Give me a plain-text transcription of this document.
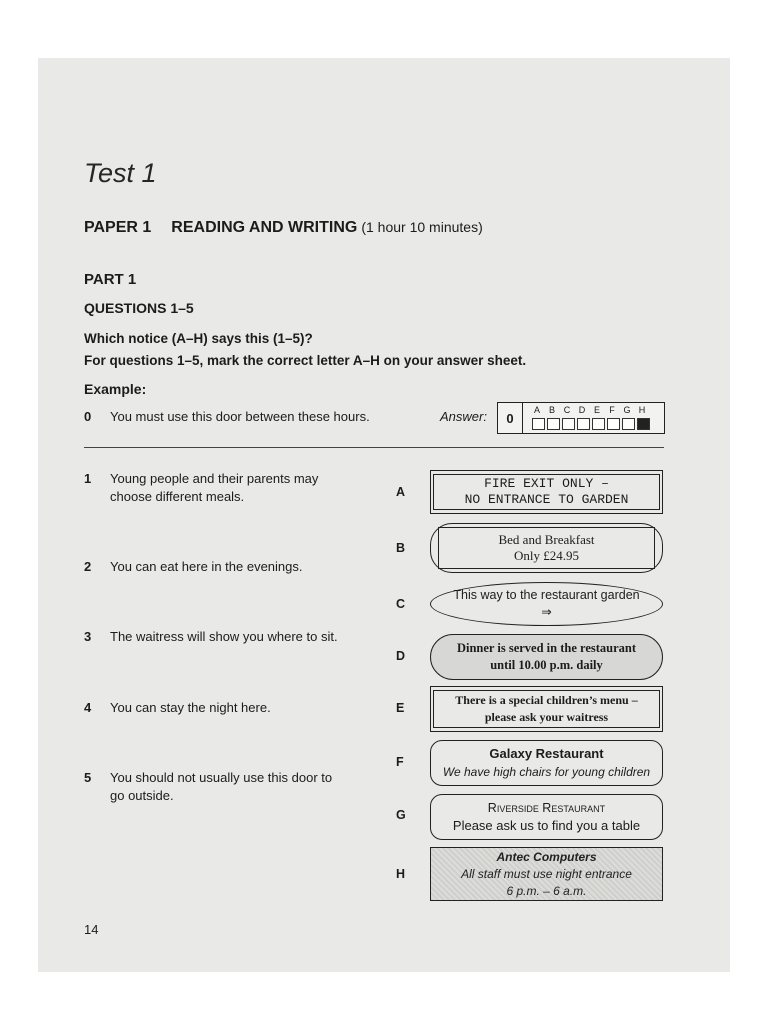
Test 1
PAPER 1 READING AND WRITING (1 hour 10 minutes)
PART 1
QUESTIONS 1–5
Which notice (A–H) says this (1–5)?
For questions 1–5, mark the correct letter A–H on your answer sheet.
Example:
0 You must use this door between these hours.	Answer:	0
A B C D E F G H
1 Young people and their parents may
choose different meals.
2 You can eat here in the evenings.
3 The waitress will show you where to sit.
4 You can stay the night here.
5 You should not usually use this door to
go outside.
A
B
C
D
E
F
G
H
FIRE EXIT ONLY –
NO ENTRANCE TO GARDEN
Bed and Breakfast
Only £24.95
This way to the restaurant garden
⇒
Dinner is served in the restaurant
until 10.00 p.m. daily
There is a special children’s menu –
please ask your waitress
Galaxy Restaurant
We have high chairs for young children
Riverside Restaurant
Please ask us to find you a table
Antec Computers
All staff must use night entrance
6 p.m. – 6 a.m.
14
